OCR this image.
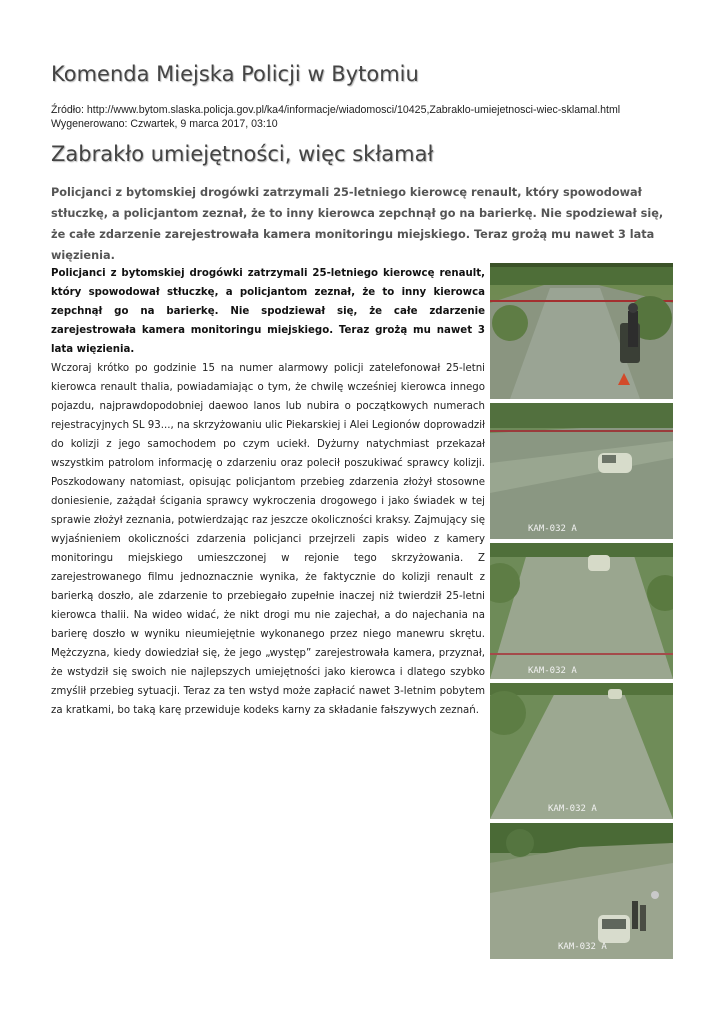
Komenda Miejska Policji w Bytomiu
Źródło: http://www.bytom.slaska.policja.gov.pl/ka4/informacje/wiadomosci/10425,Zabraklo-umiejetnosci-wiec-sklamal.html
Wygenerowano: Czwartek, 9 marca 2017, 03:10
Zabrakło umiejętności, więc skłamał

Policjanci z bytomskiej drogówki zatrzymali 25-letniego kierowcę renault, który spowodował stłuczkę, a policjantom zeznał, że to inny kierowca zepchnął go na barierkę. Nie spodziewał się, że całe zdarzenie zarejestrowała kamera monitoringu miejskiego. Teraz grożą mu nawet 3 lata więzienia.

Policjanci z bytomskiej drogówki zatrzymali 25-letniego kierowcę renault, który spowodował stłuczkę, a policjantom zeznał, że to inny kierowca zepchnął go na barierkę. Nie spodziewał się, że całe zdarzenie zarejestrowała kamera monitoringu miejskiego. Teraz grożą mu nawet 3 lata więzienia.

Wczoraj krótko po godzinie 15 na numer alarmowy policji zatelefonował 25-letni kierowca renault thalia, powiadamiając o tym, że chwilę wcześniej kierowca innego pojazdu, najprawdopodobniej daewoo lanos lub nubira o początkowych numerach rejestracyjnych SL 93..., na skrzyżowaniu ulic Piekarskiej i Alei Legionów doprowadził do kolizji z jego samochodem po czym uciekł. Dyżurny natychmiast przekazał wszystkim patrolom informację o zdarzeniu oraz polecił poszukiwać sprawcy kolizji. Poszkodowany natomiast, opisując policjantom przebieg zdarzenia złożył stosowne doniesienie, zażądał ścigania sprawcy wykroczenia drogowego i jako świadek w tej sprawie złożył zeznania, potwierdzając raz jeszcze okoliczności kraksy. Zajmujący się wyjaśnieniem okoliczności zdarzenia policjanci przejrzeli zapis wideo z kamery monitoringu miejskiego umieszczonej w rejonie tego skrzyżowania. Z zarejestrowanego filmu jednoznacznie wynika, że faktycznie do kolizji renault z barierką doszło, ale zdarzenie to przebiegało zupełnie inaczej niż twierdził 25-letni kierowca thalii. Na wideo widać, że nikt drogi mu nie zajechał, a do najechania na barierę doszło w wyniku nieumiejętnie wykonanego przez niego manewru skrętu. Mężczyzna, kiedy dowiedział się, że jego „występ” zarejestrowała kamera, przyznał, że wstydził się swoich nie najlepszych umiejętności jako kierowca i dlatego szybko zmyślił przebieg sytuacji. Teraz za ten wstyd może zapłacić nawet 3-letnim pobytem za kratkami, bo taką karę przewiduje kodeks karny za składanie fałszywych zeznań.

KAM-032 A
KAM-032 A
KAM-032 A
KAM-032 A
